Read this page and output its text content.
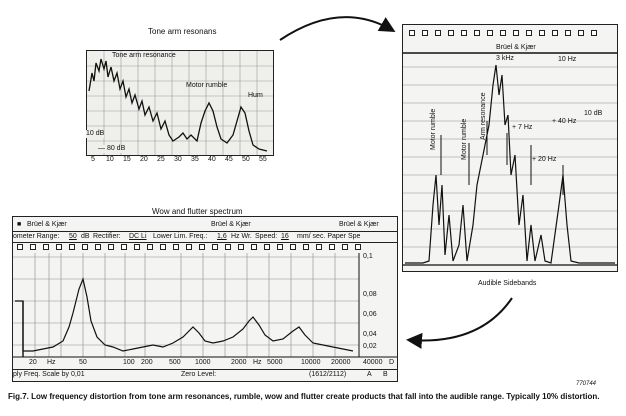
Tone arm resonans
Tone arm resonance
Motor rumble
Hum
10 dB
— 80 dB
5 10 15 20 25 30 35 40 45 50 55
Brüel & Kjær
3 kHz	10 Hz
10 dB
Motor rumble	Motor rumble Arm resonance	+ 7 Hz
+ 40 Hz
+ 20 Hz
Audible Sidebands
Wow and flutter spectrum
■ Brüel & Kjær	Brüel & Kjær	Brüel & Kjær
ometer Range: 50 dB Rectifier: DC Li Lower Lim. Freq.: 1,6 Hz Wr. Speed: 16 mm/ sec. Paper Spe
0,1
0,08
0,06
0,04
0,02
20 Hz	50	100 200 500 1000	2000 Hz 5000	10000 20000 40000 D
ply Freq. Scale by 0,01	Zero Level:	(1612/2112)	A B
770744
Fig.7. Low frequency distortion from tone arm resonances, rumble, wow and flutter create products that fall into the audible range. Typically 10% distortion.
